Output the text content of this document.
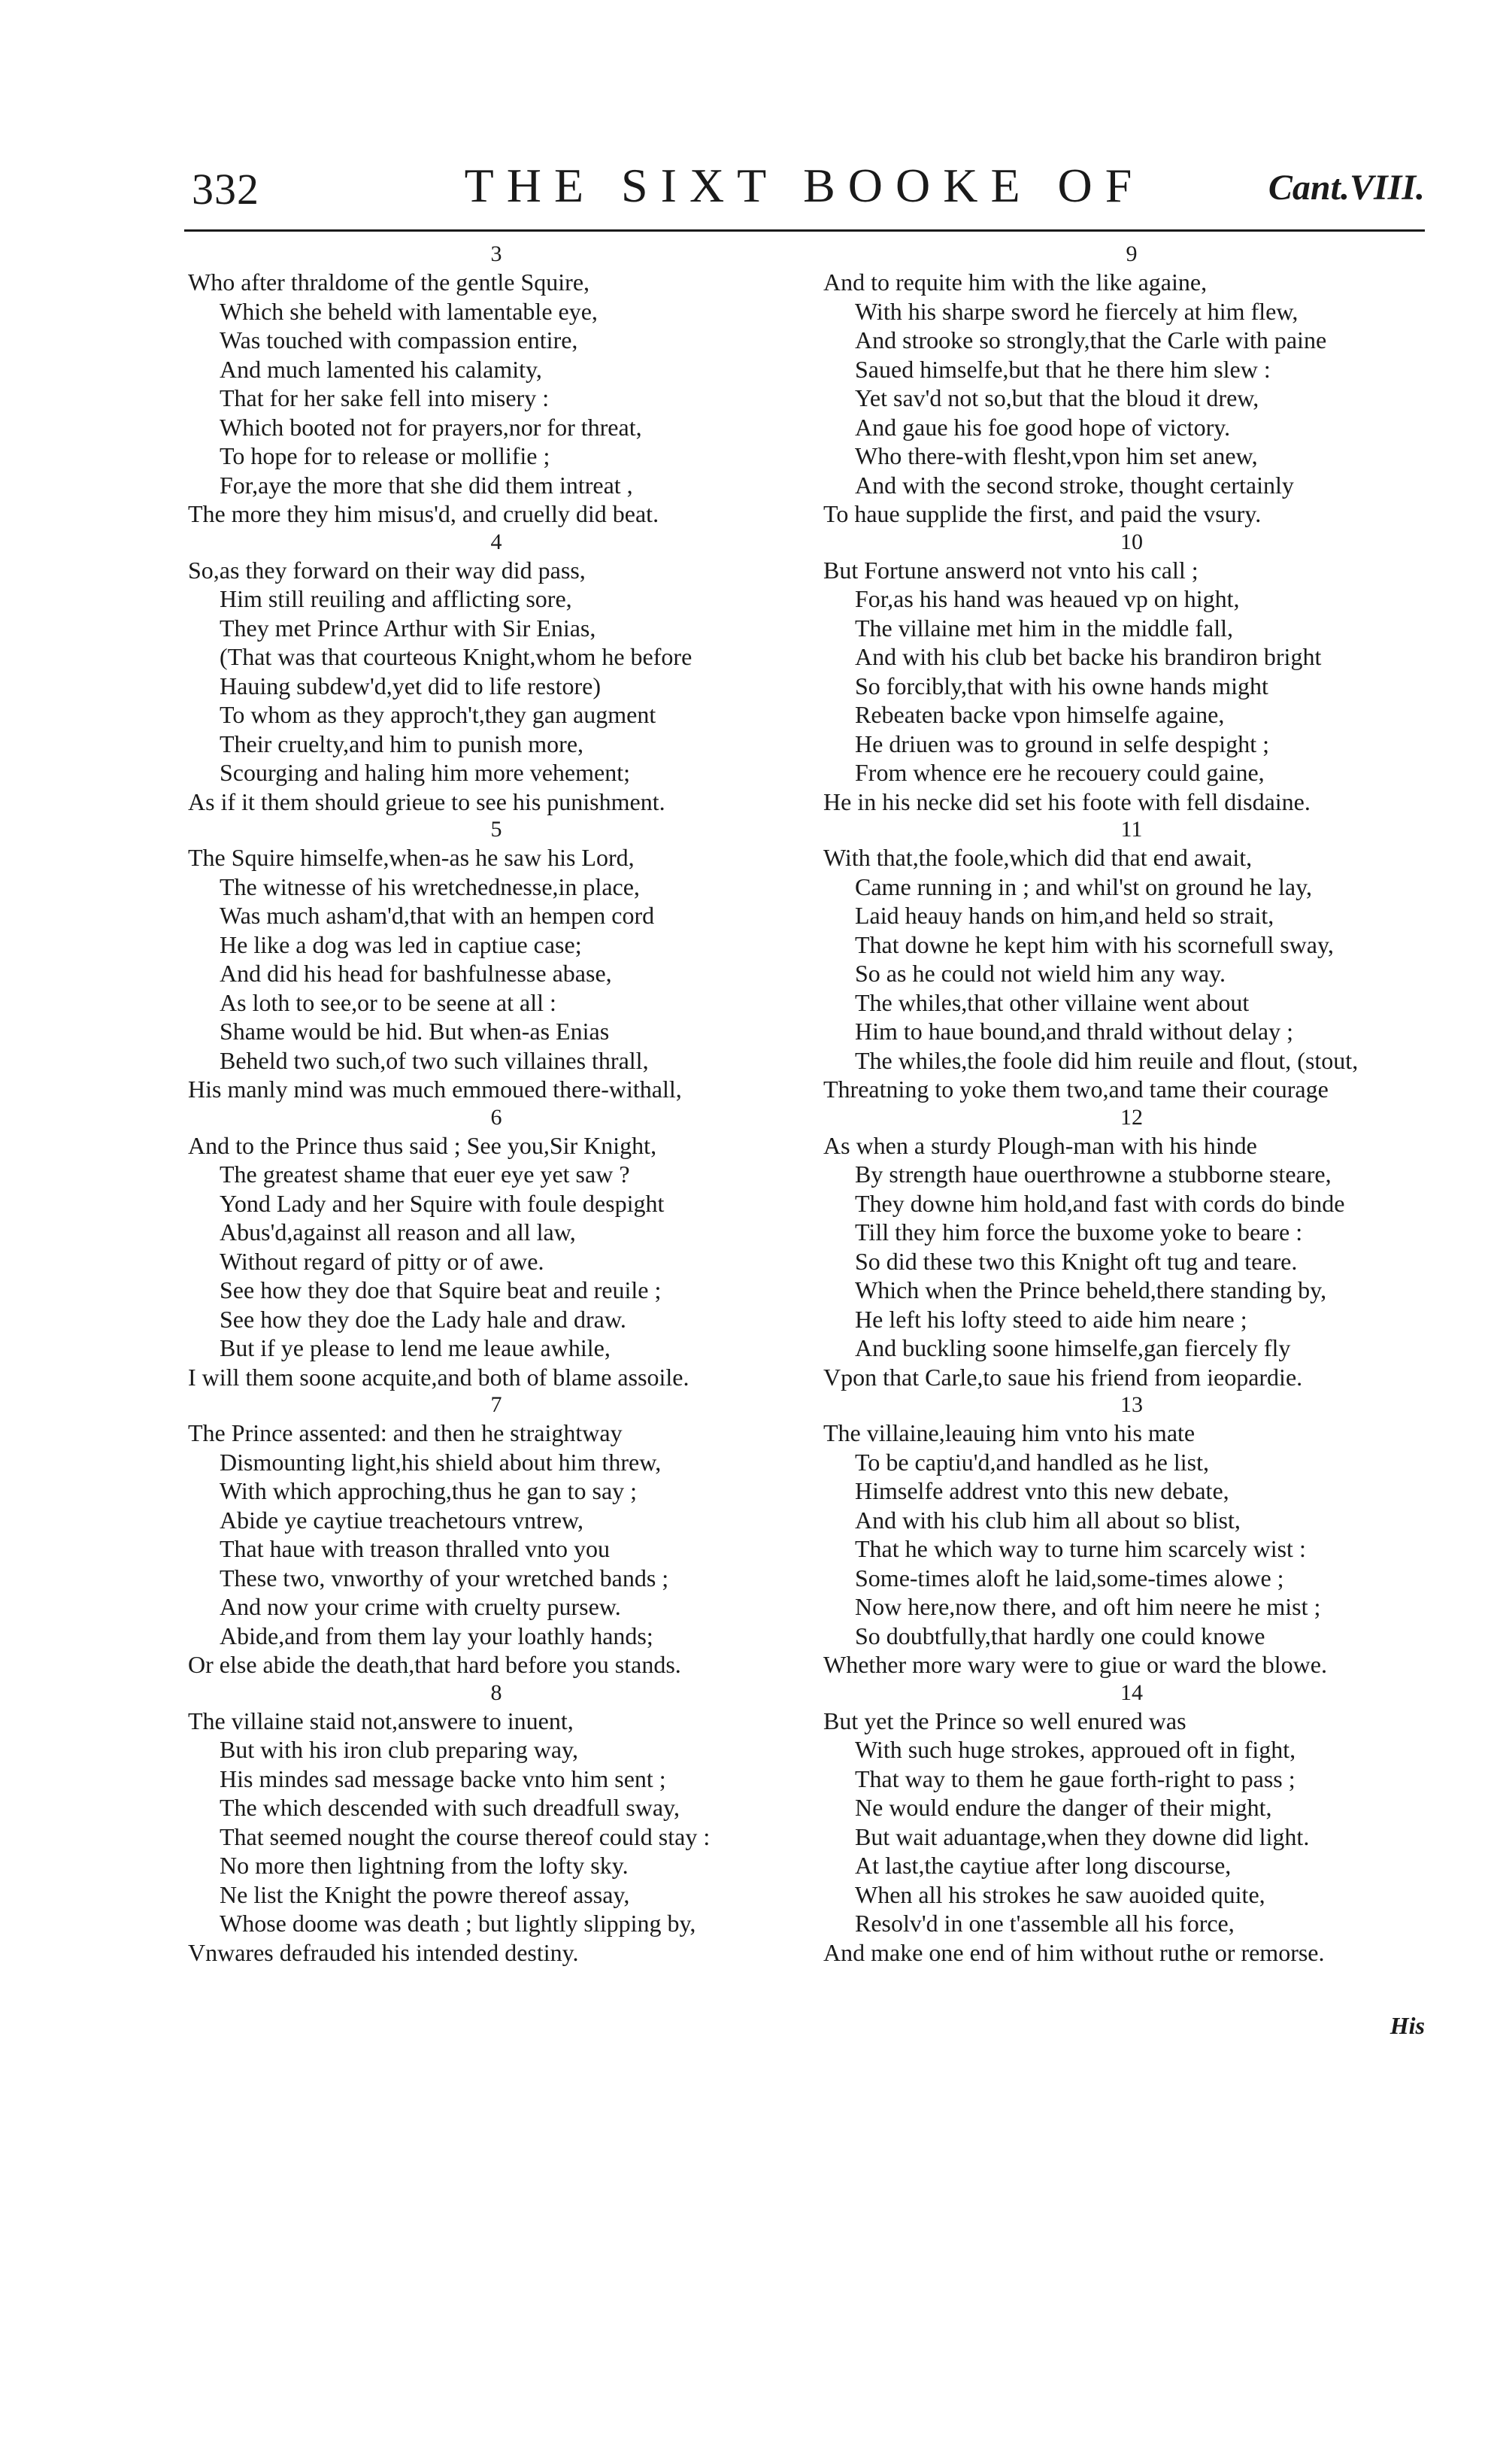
332	THE SIXT BOOKE OF	Cant.VIII.
3
Who after thraldome of the gentle Squire,
Which she beheld with lamentable eye,
Was touched with compassion entire,
And much lamented his calamity,
That for her sake fell into misery :
Which booted not for prayers,nor for threat,
To hope for to release or mollifie ;
For,aye the more that she did them intreat ,
The more they him misus'd, and cruelly did beat.
4
So,as they forward on their way did pass,
Him still reuiling and afflicting sore,
They met Prince Arthur with Sir Enias,
(That was that courteous Knight,whom he before
Hauing subdew'd,yet did to life restore)
To whom as they approch't,they gan augment
Their cruelty,and him to punish more,
Scourging and haling him more vehement;
As if it them should grieue to see his punishment.
5
The Squire himselfe,when-as he saw his Lord,
The witnesse of his wretchednesse,in place,
Was much asham'd,that with an hempen cord
He like a dog was led in captiue case;
And did his head for bashfulnesse abase,
As loth to see,or to be seene at all :
Shame would be hid. But when-as Enias
Beheld two such,of two such villaines thrall,
His manly mind was much emmoued there-withall,
6
And to the Prince thus said ; See you,Sir Knight,
The greatest shame that euer eye yet saw ?
Yond Lady and her Squire with foule despight
Abus'd,against all reason and all law,
Without regard of pitty or of awe.
See how they doe that Squire beat and reuile ;
See how they doe the Lady hale and draw.
But if ye please to lend me leaue awhile,
I will them soone acquite,and both of blame assoile.
7
The Prince assented: and then he straightway
Dismounting light,his shield about him threw,
With which approching,thus he gan to say ;
Abide ye caytiue treachetours vntrew,
That haue with treason thralled vnto you
These two, vnworthy of your wretched bands ;
And now your crime with cruelty pursew.
Abide,and from them lay your loathly hands;
Or else abide the death,that hard before you stands.
8
The villaine staid not,answere to inuent,
But with his iron club preparing way,
His mindes sad message backe vnto him sent ;
The which descended with such dreadfull sway,
That seemed nought the course thereof could stay :
No more then lightning from the lofty sky.
Ne list the Knight the powre thereof assay,
Whose doome was death ; but lightly slipping by,
Vnwares defrauded his intended destiny.
9
And to requite him with the like againe,
With his sharpe sword he fiercely at him flew,
And strooke so strongly,that the Carle with paine
Saued himselfe,but that he there him slew :
Yet sav'd not so,but that the bloud it drew,
And gaue his foe good hope of victory.
Who there-with flesht,vpon him set anew,
And with the second stroke, thought certainly
To haue supplide the first, and paid the vsury.
10
But Fortune answerd not vnto his call ;
For,as his hand was heaued vp on hight,
The villaine met him in the middle fall,
And with his club bet backe his brandiron bright
So forcibly,that with his owne hands might
Rebeaten backe vpon himselfe againe,
He driuen was to ground in selfe despight ;
From whence ere he recouery could gaine,
He in his necke did set his foote with fell disdaine.
11
With that,the foole,which did that end await,
Came running in ; and whil'st on ground he lay,
Laid heauy hands on him,and held so strait,
That downe he kept him with his scornefull sway,
So as he could not wield him any way.
The whiles,that other villaine went about
Him to haue bound,and thrald without delay ;
The whiles,the foole did him reuile and flout, (stout,
Threatning to yoke them two,and tame their courage
12
As when a sturdy Plough-man with his hinde
By strength haue ouerthrowne a stubborne steare,
They downe him hold,and fast with cords do binde
Till they him force the buxome yoke to beare :
So did these two this Knight oft tug and teare.
Which when the Prince beheld,there standing by,
He left his lofty steed to aide him neare ;
And buckling soone himselfe,gan fiercely fly
Vpon that Carle,to saue his friend from ieopardie.
13
The villaine,leauing him vnto his mate
To be captiu'd,and handled as he list,
Himselfe addrest vnto this new debate,
And with his club him all about so blist,
That he which way to turne him scarcely wist :
Some-times aloft he laid,some-times alowe ;
Now here,now there, and oft him neere he mist ;
So doubtfully,that hardly one could knowe
Whether more wary were to giue or ward the blowe.
14
But yet the Prince so well enured was
With such huge strokes, approued oft in fight,
That way to them he gaue forth-right to pass ;
Ne would endure the danger of their might,
But wait aduantage,when they downe did light.
At last,the caytiue after long discourse,
When all his strokes he saw auoided quite,
Resolv'd in one t'assemble all his force,
And make one end of him without ruthe or remorse.
His
